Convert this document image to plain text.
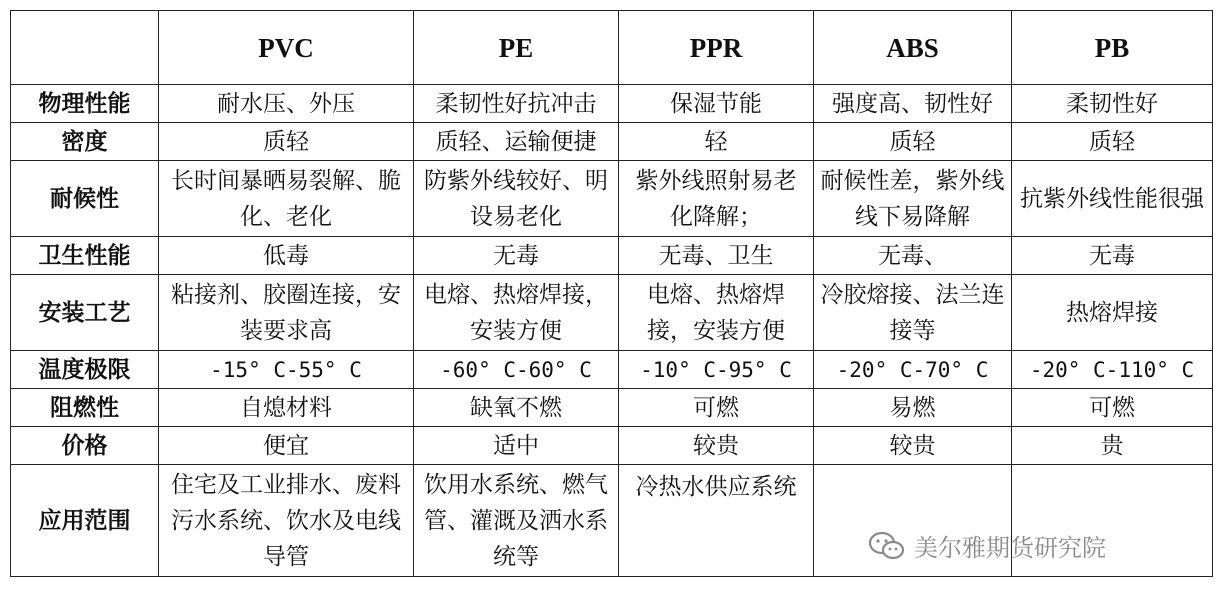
	PVC	PE	PPR	ABS	PB
物理性能	耐水压、外压	柔韧性好抗冲击	保湿节能	强度高、韧性好	柔韧性好
密度	质轻	质轻、运输便捷	轻	质轻	质轻
耐候性	长时间暴晒易裂解、脆化、老化	防紫外线较好、明设易老化	紫外线照射易老化降解；	耐候性差，紫外线线下易降解	抗紫外线性能很强
卫生性能	低毒	无毒	无毒、卫生	无毒、	无毒
安装工艺	粘接剂、胶圈连接，安装要求高	电熔、热熔焊接，安装方便	电熔、热熔焊接，安装方便	冷胶熔接、法兰连接等	热熔焊接
温度极限	-15° C-55° C	-60° C-60° C	-10° C-95° C	-20° C-70° C	-20° C-110° C
阻燃性	自熄材料	缺氧不燃	可燃	易燃	可燃
价格	便宜	适中	较贵	较贵	贵
应用范围	住宅及工业排水、废料污水系统、饮水及电线导管	饮用水系统、燃气管、灌溉及洒水系统等	冷热水供应系统		
美尔雅期货研究院
